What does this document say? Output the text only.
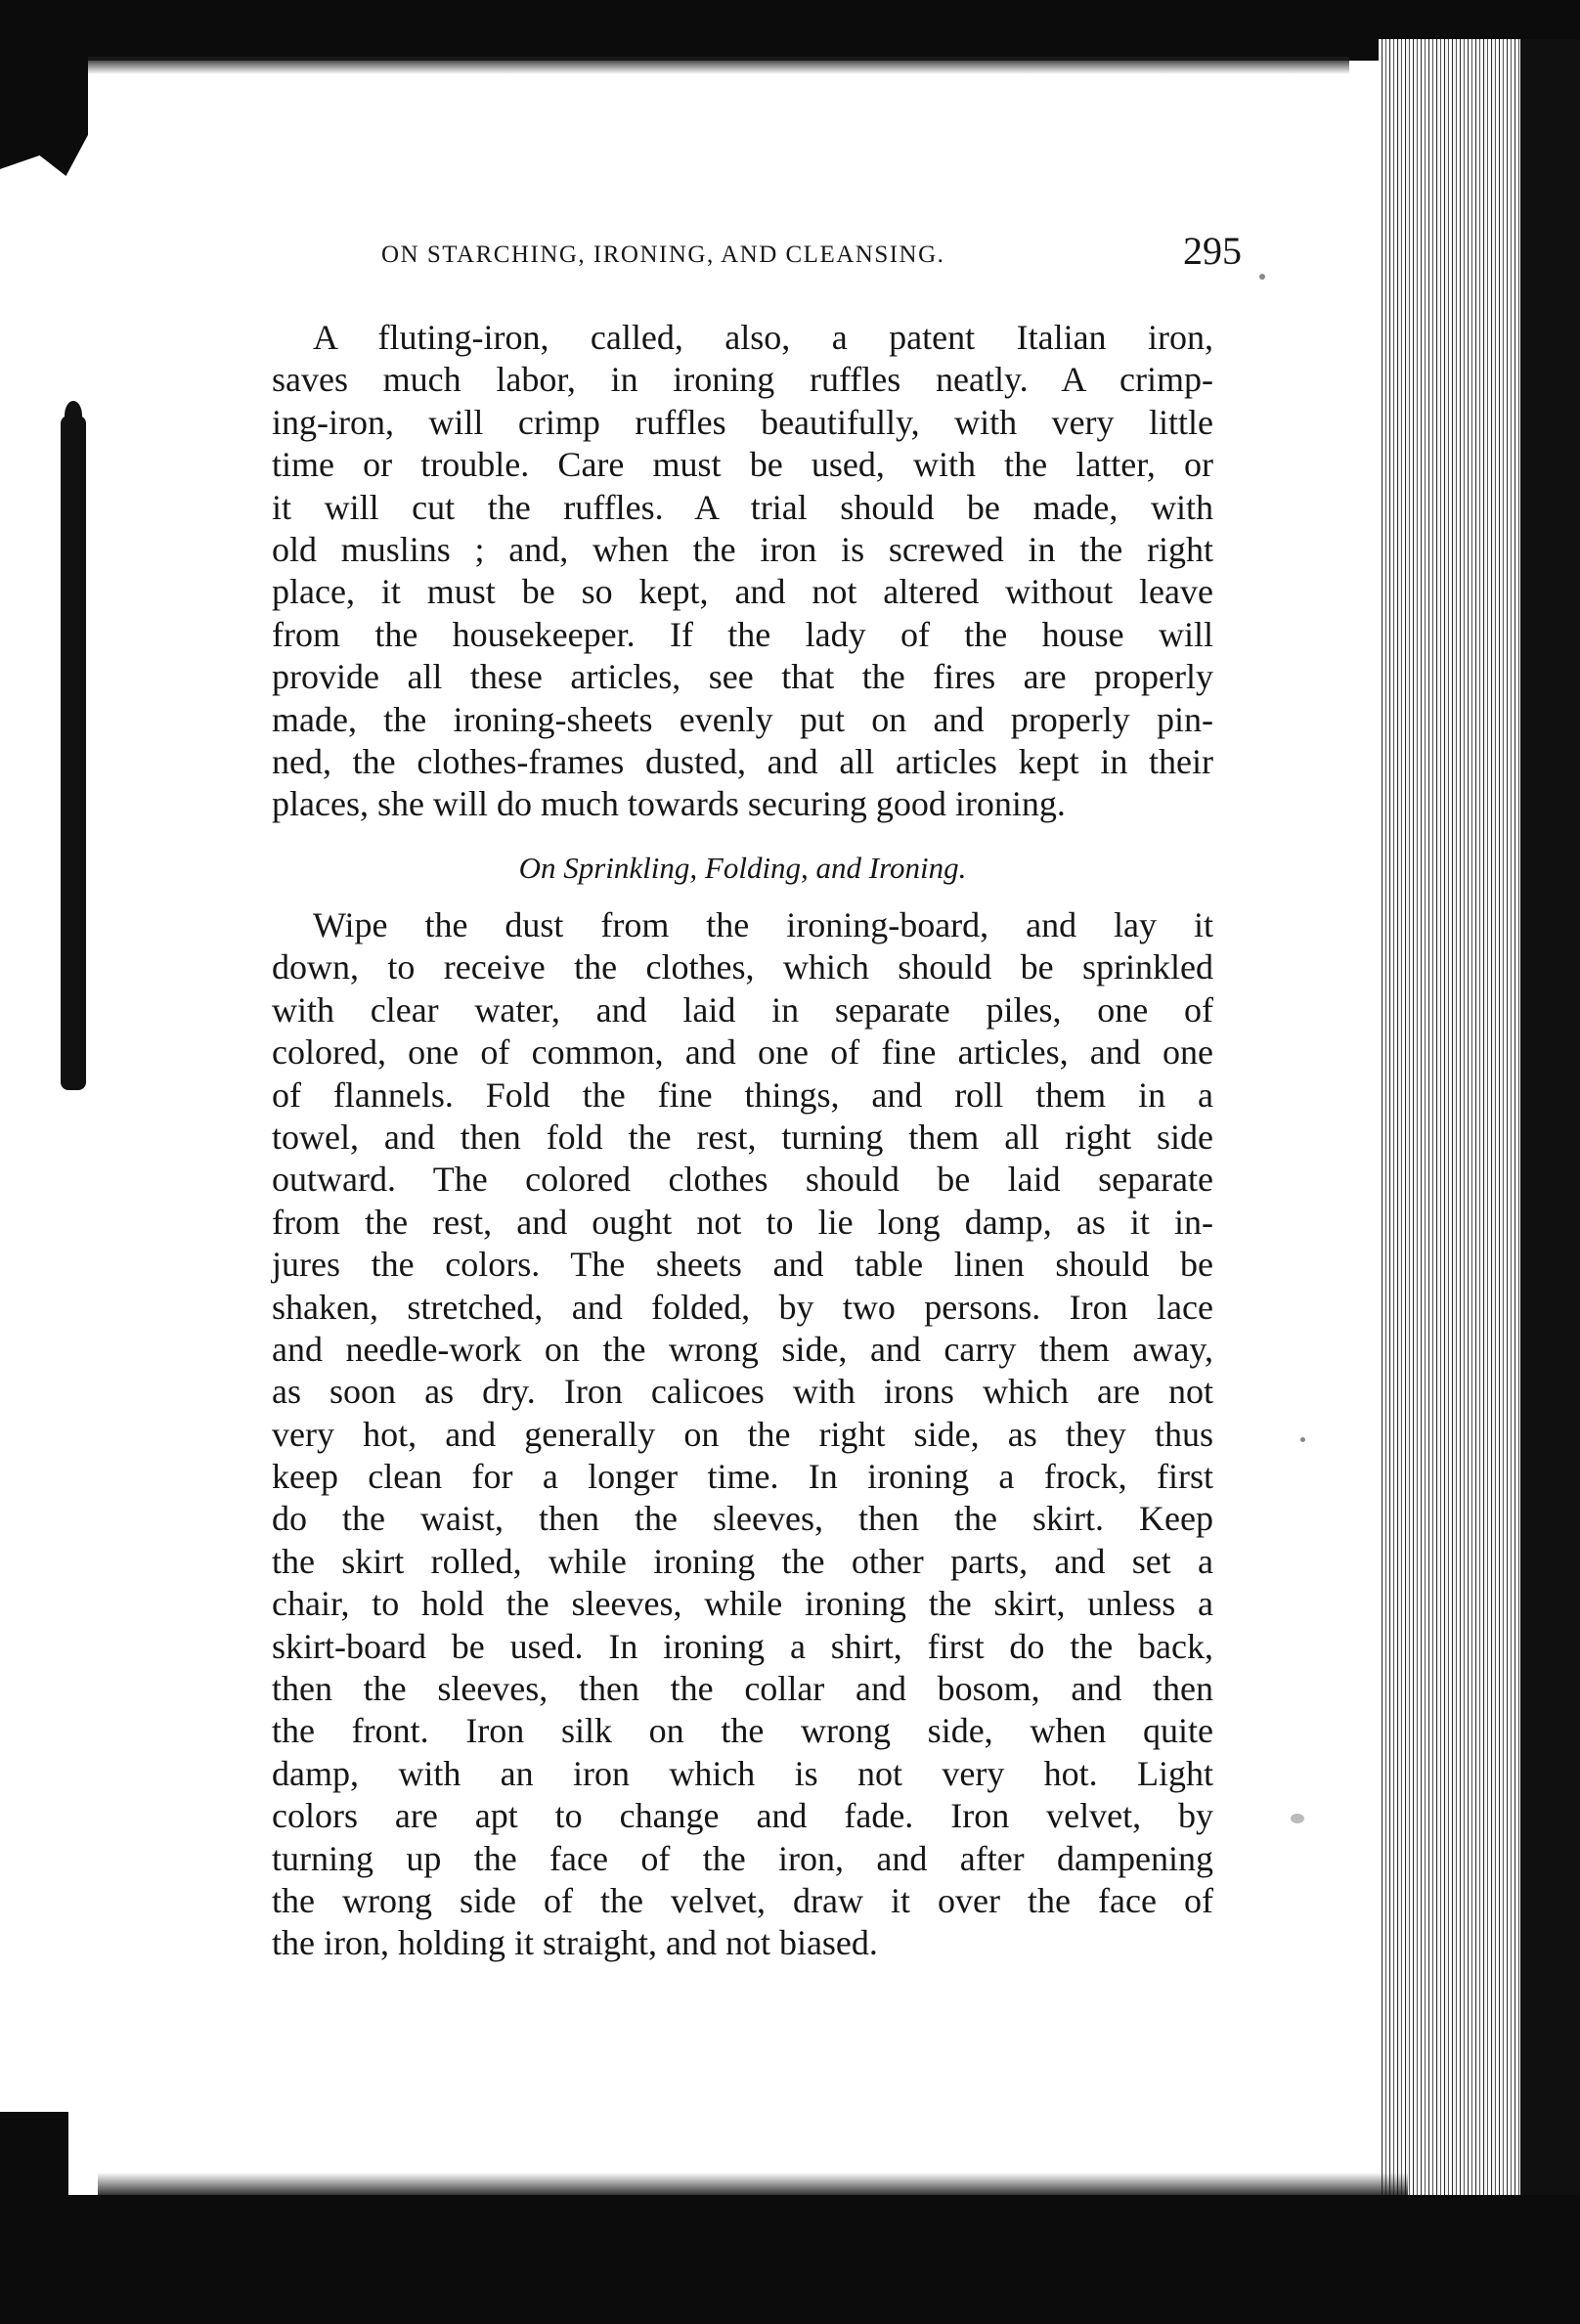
ON STARCHING, IRONING, AND CLEANSING.	295
A fluting-iron, called, also, a patent Italian iron,
saves much labor, in ironing ruffles neatly. A crimp-
ing-iron, will crimp ruffles beautifully, with very little
time or trouble. Care must be used, with the latter, or
it will cut the ruffles. A trial should be made, with
old muslins ; and, when the iron is screwed in the right
place, it must be so kept, and not altered without leave
from the housekeeper. If the lady of the house will
provide all these articles, see that the fires are properly
made, the ironing-sheets evenly put on and properly pin-
ned, the clothes-frames dusted, and all articles kept in their
places, she will do much towards securing good ironing.
On Sprinkling, Folding, and Ironing.
Wipe the dust from the ironing-board, and lay it
down, to receive the clothes, which should be sprinkled
with clear water, and laid in separate piles, one of
colored, one of common, and one of fine articles, and one
of flannels. Fold the fine things, and roll them in a
towel, and then fold the rest, turning them all right side
outward. The colored clothes should be laid separate
from the rest, and ought not to lie long damp, as it in-
jures the colors. The sheets and table linen should be
shaken, stretched, and folded, by two persons. Iron lace
and needle-work on the wrong side, and carry them away,
as soon as dry. Iron calicoes with irons which are not
very hot, and generally on the right side, as they thus
keep clean for a longer time. In ironing a frock, first
do the waist, then the sleeves, then the skirt. Keep
the skirt rolled, while ironing the other parts, and set a
chair, to hold the sleeves, while ironing the skirt, unless a
skirt-board be used. In ironing a shirt, first do the back,
then the sleeves, then the collar and bosom, and then
the front. Iron silk on the wrong side, when quite
damp, with an iron which is not very hot. Light
colors are apt to change and fade. Iron velvet, by
turning up the face of the iron, and after dampening
the wrong side of the velvet, draw it over the face of
the iron, holding it straight, and not biased.
